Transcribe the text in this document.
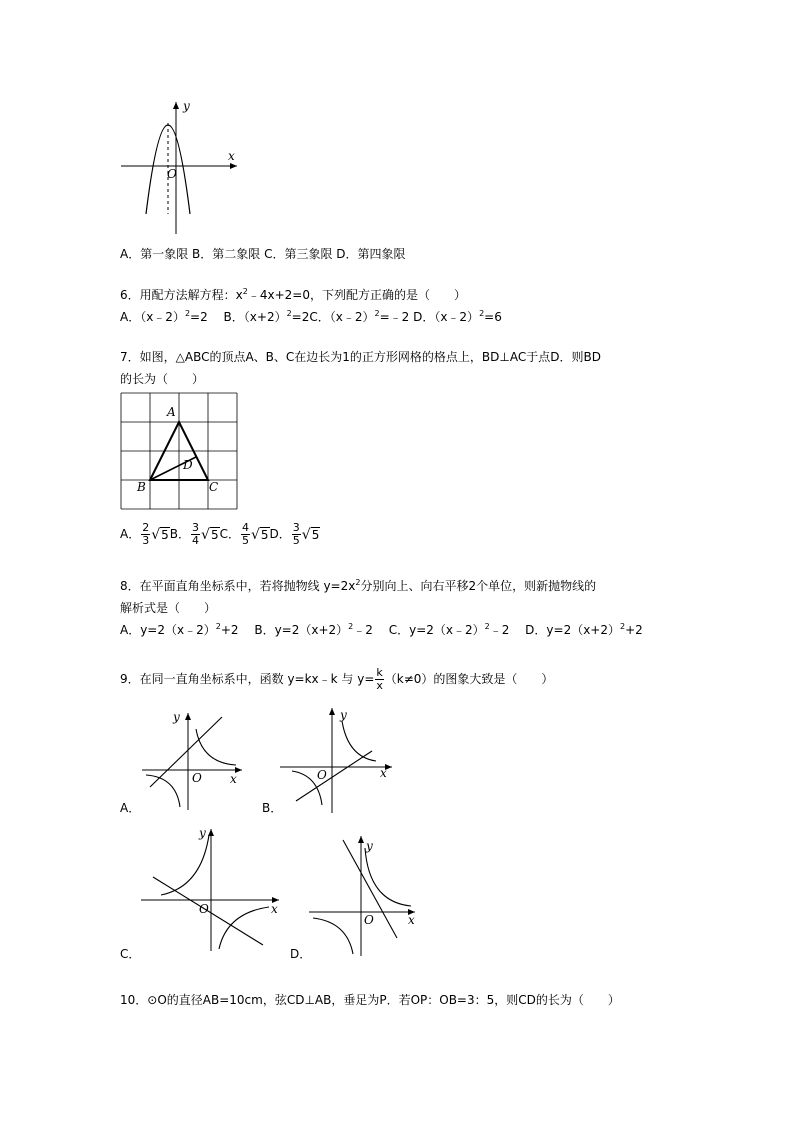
x
y
O
A．第一象限 B．第二象限 C．第三象限 D．第四象限
6．用配方法解方程：$x^2﹣4x+2=0$，下列配方正确的是（　　）
A．（x﹣2）$^2$=2　 B．$(x+2)^2=2C$．（x﹣2）$^2$=﹣2 D．（x﹣2）$^2$=6
7．如图，△ABC的顶点A、B、C在边长为1的正方形网格的格点上，BD⊥AC于点D．则BD
的长为（　　）
A
B	C
D
A． $\frac{2}{3} √5B$． $\frac{3}{4} √5C$． $\frac{4}{5} √5D$． $\frac{3}{5} √5$
8．在平面直角坐标系中，若将抛物线 $y=2x^2$分别向上、向右平移2个单位，则新抛物线的
解析式是（　　）
A．y=2（x﹣2）$^2$+2　 B．$y=2(x+2)^2﹣2$　 C．y=2（x﹣2）$^2$﹣2　 D．$y=2(x+2)^2+2$
9．在同一直角坐标系中，函数 y=kx﹣k 与 $y= \frac{k}{x} (k\ne 0)$的图象大致是（　　）
x
y
O
A．
x
y
O
B．
x
y
O
C．
x
y
O
D．
10．⊙O的直径AB=10cm，弦CD⊥AB，垂足为P．若OP：OB=3：5，则CD的长为（　　）
